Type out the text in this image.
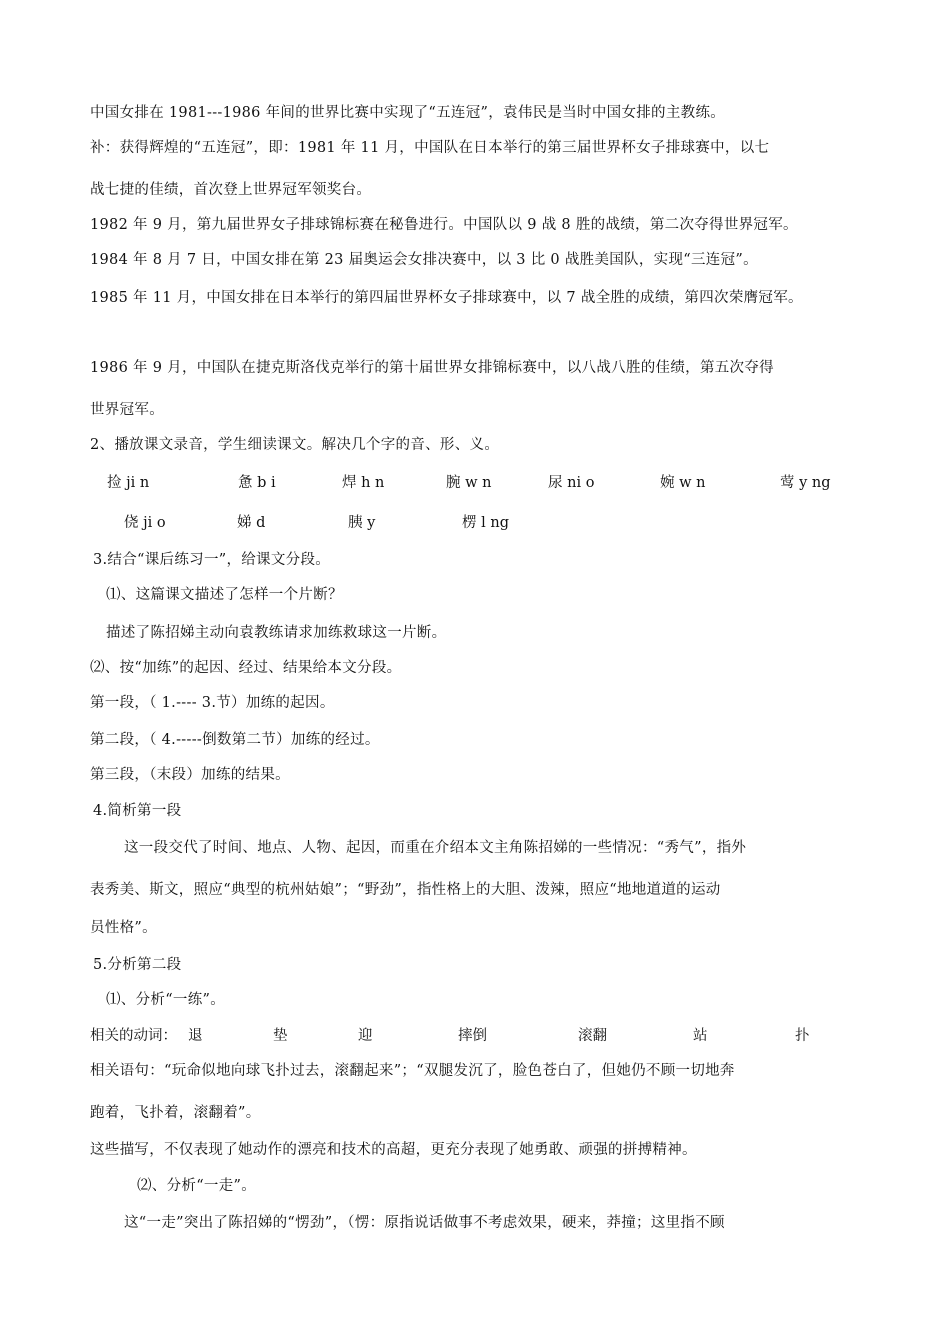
中国女排在 1981---1986 年间的世界比赛中实现了“五连冠”，袁伟民是当时中国女排的主教练。
补：获得辉煌的“五连冠”，即：1981 年 11 月，中国队在日本举行的第三届世界杯女子排球赛中，以七
战七捷的佳绩，首次登上世界冠军领奖台。
1982 年 9 月，第九届世界女子排球锦标赛在秘鲁进行。中国队以 9 战 8 胜的战绩，第二次夺得世界冠军。
1984 年 8 月 7 日，中国女排在第 23 届奥运会女排决赛中，以 3 比 0 战胜美国队，实现“三连冠”。
1985 年 11 月，中国女排在日本举行的第四届世界杯女子排球赛中，以 7 战全胜的成绩，第四次荣膺冠军。
1986 年 9 月，中国队在捷克斯洛伐克举行的第十届世界女排锦标赛中，以八战八胜的佳绩，第五次夺得
世界冠军。
2、播放课文录音，学生细读课文。解决几个字的音、形、义。
捡 ji n	惫 b i	焊 h n	腕 w n	尿 ni o	婉 w n	莺 y ng
侥 ji o	娣 d	胰 y	楞 l ng
3.结合“课后练习一”，给课文分段。
⑴、这篇课文描述了怎样一个片断？
描述了陈招娣主动向袁教练请求加练救球这一片断。
⑵、按“加练”的起因、经过、结果给本文分段。
第一段，（ 1.---- 3.节）加练的起因。
第二段，（ 4.-----倒数第二节）加练的经过。
第三段，（末段）加练的结果。
4.简析第一段
这一段交代了时间、地点、人物、起因，而重在介绍本文主角陈招娣的一些情况：“秀气”，指外
表秀美、斯文，照应“典型的杭州姑娘”；“野劲”，指性格上的大胆、泼辣，照应“地地道道的运动
员性格”。
5.分析第二段
⑴、分析“一练”。
相关的动词： 退	垫	迎	摔倒	滚翻	站	扑
相关语句：“玩命似地向球飞扑过去，滚翻起来”；“双腿发沉了，脸色苍白了，但她仍不顾一切地奔
跑着，飞扑着，滚翻着”。
这些描写，不仅表现了她动作的漂亮和技术的高超，更充分表现了她勇敢、顽强的拼搏精神。
⑵、分析“一走”。
这“一走”突出了陈招娣的“愣劲”，（愣：原指说话做事不考虑效果，硬来，莽撞；这里指不顾
